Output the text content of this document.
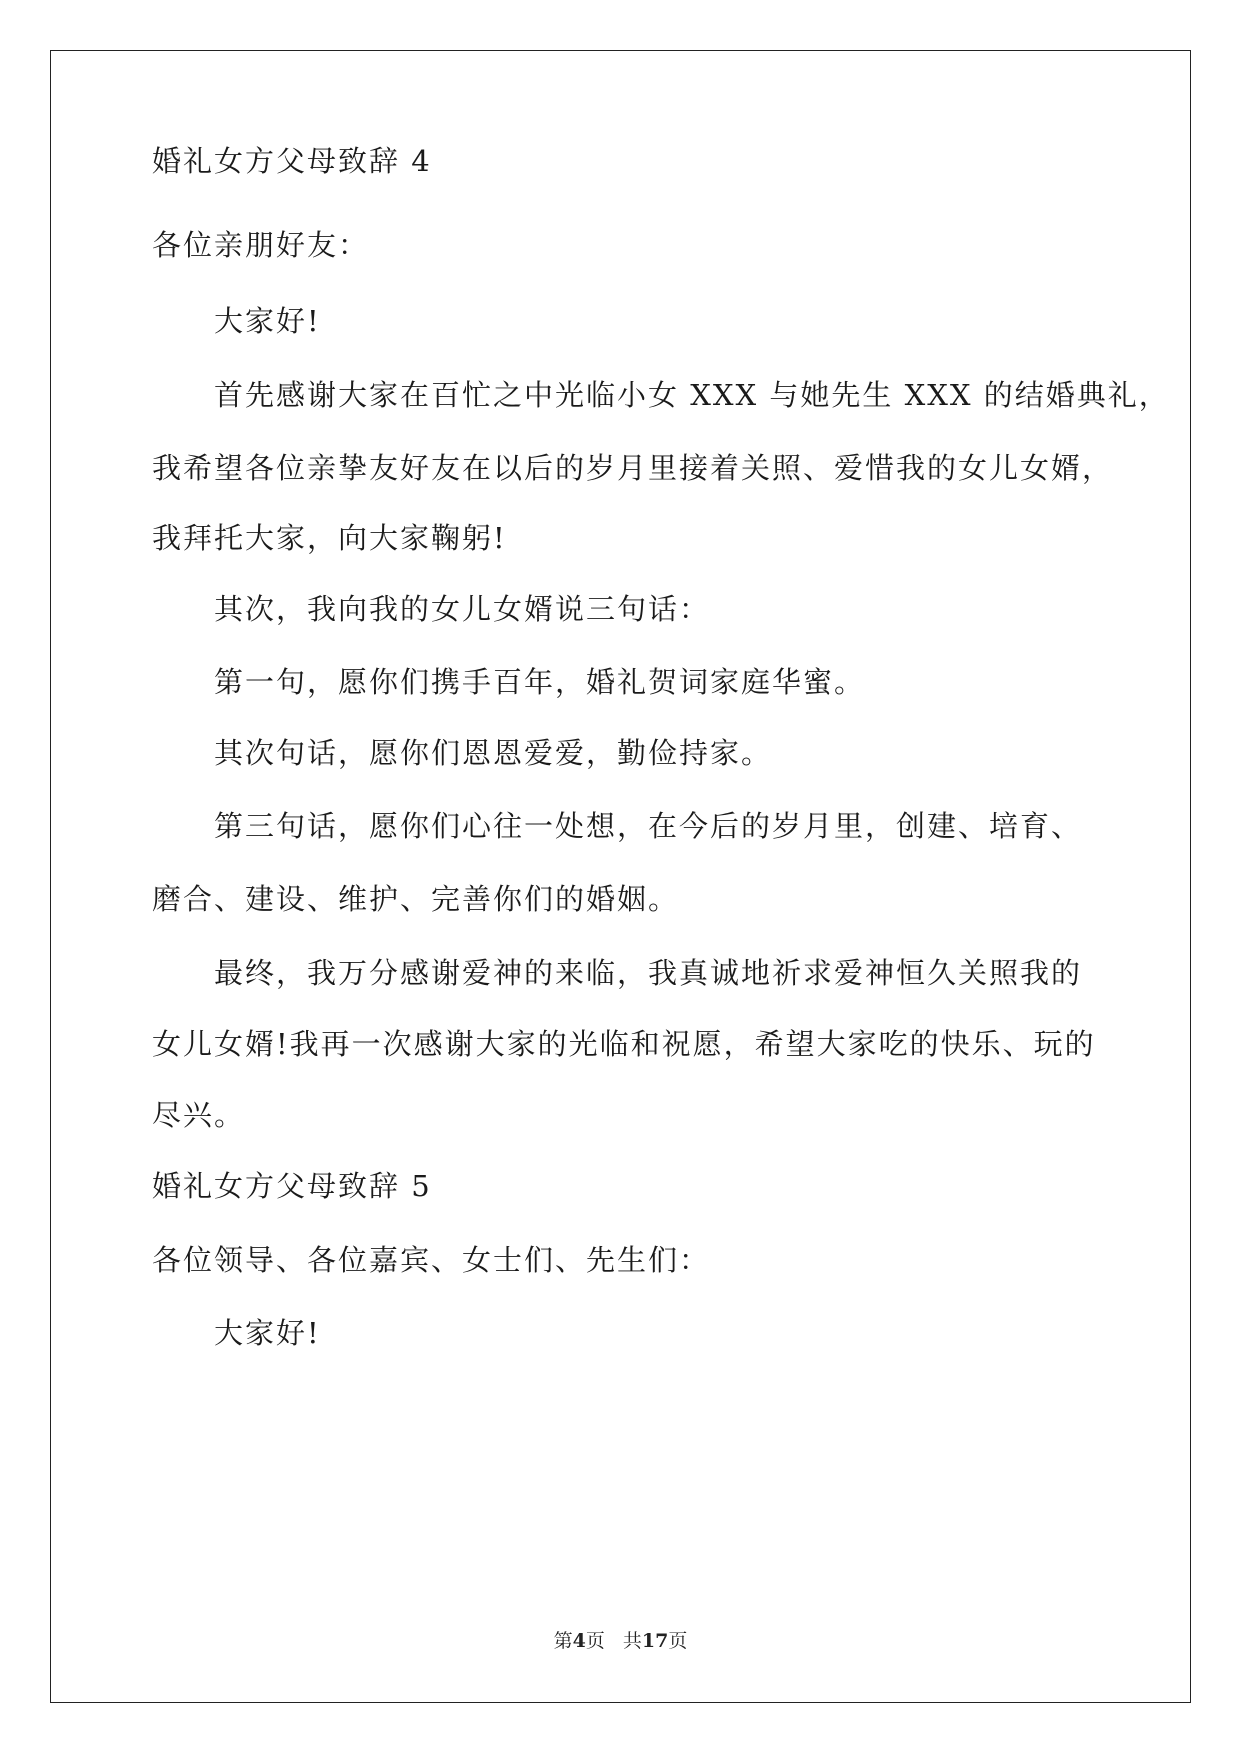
婚礼女方父母致辞 4
各位亲朋好友：
大家好!
首先感谢大家在百忙之中光临小女 XXX 与她先生 XXX 的结婚典礼，
我希望各位亲挚友好友在以后的岁月里接着关照、爱惜我的女儿女婿，
我拜托大家，向大家鞠躬!
其次，我向我的女儿女婿说三句话：
第一句，愿你们携手百年，婚礼贺词家庭华蜜。
其次句话，愿你们恩恩爱爱，勤俭持家。
第三句话，愿你们心往一处想，在今后的岁月里，创建、培育、
磨合、建设、维护、完善你们的婚姻。
最终，我万分感谢爱神的来临，我真诚地祈求爱神恒久关照我的
女儿女婿!我再一次感谢大家的光临和祝愿，希望大家吃的快乐、玩的
尽兴。
婚礼女方父母致辞 5
各位领导、各位嘉宾、女士们、先生们：
大家好!
第4页 共17页
